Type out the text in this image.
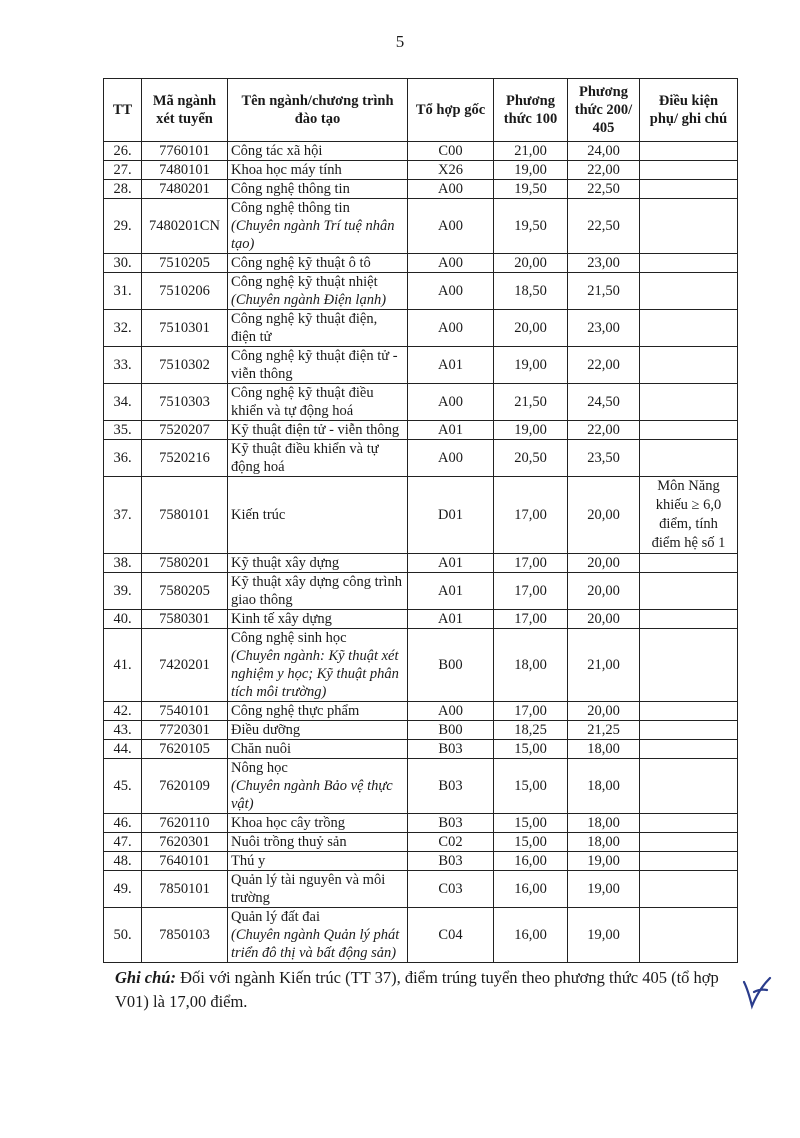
5
TT	Mã ngành xét tuyển	Tên ngành/chương trình đào tạo	Tổ hợp gốc	Phương thức 100	Phương thức 200/ 405	Điều kiện phụ/ ghi chú
26.	7760101	Công tác xã hội	C00	21,00	24,00	
27.	7480101	Khoa học máy tính	X26	19,00	22,00	
28.	7480201	Công nghệ thông tin	A00	19,50	22,50	
29.	7480201CN	Công nghệ thông tin
(Chuyên ngành Trí tuệ nhân tạo)	A00	19,50	22,50	
30.	7510205	Công nghệ kỹ thuật ô tô	A00	20,00	23,00	
31.	7510206	Công nghệ kỹ thuật nhiệt
(Chuyên ngành Điện lạnh)	A00	18,50	21,50	
32.	7510301	Công nghệ kỹ thuật điện, điện tử	A00	20,00	23,00	
33.	7510302	Công nghệ kỹ thuật điện tử - viễn thông	A01	19,00	22,00	
34.	7510303	Công nghệ kỹ thuật điều khiển và tự động hoá	A00	21,50	24,50	
35.	7520207	Kỹ thuật điện tử - viễn thông	A01	19,00	22,00	
36.	7520216	Kỹ thuật điều khiển và tự động hoá	A00	20,50	23,50	
37.	7580101	Kiến trúc	D01	17,00	20,00	Môn Năng khiếu ≥ 6,0 điểm, tính điểm hệ số 1

38.	7580201	Kỹ thuật xây dựng	A01	17,00	20,00	
39.	7580205	Kỹ thuật xây dựng công trình giao thông	A01	17,00	20,00	
40.	7580301	Kinh tế xây dựng	A01	17,00	20,00	
41.	7420201	Công nghệ sinh học
(Chuyên ngành: Kỹ thuật xét nghiệm y học; Kỹ thuật phân tích môi trường)	B00	18,00	21,00	
42.	7540101	Công nghệ thực phẩm	A00	17,00	20,00	
43.	7720301	Điều dưỡng	B00	18,25	21,25	
44.	7620105	Chăn nuôi	B03	15,00	18,00	
45.	7620109	Nông học
(Chuyên ngành Bảo vệ thực vật)	B03	15,00	18,00	
46.	7620110	Khoa học cây trồng	B03	15,00	18,00	
47.	7620301	Nuôi trồng thuỷ sản	C02	15,00	18,00	
48.	7640101	Thú y	B03	16,00	19,00	
49.	7850101	Quản lý tài nguyên và môi trường	C03	16,00	19,00	
50.	7850103	Quản lý đất đai
(Chuyên ngành Quản lý phát triển đô thị và bất động sản)	C04	16,00	19,00	
Ghi chú: Đối với ngành Kiến trúc (TT 37), điểm trúng tuyển theo phương thức 405 (tổ hợp V01) là 17,00 điểm.
